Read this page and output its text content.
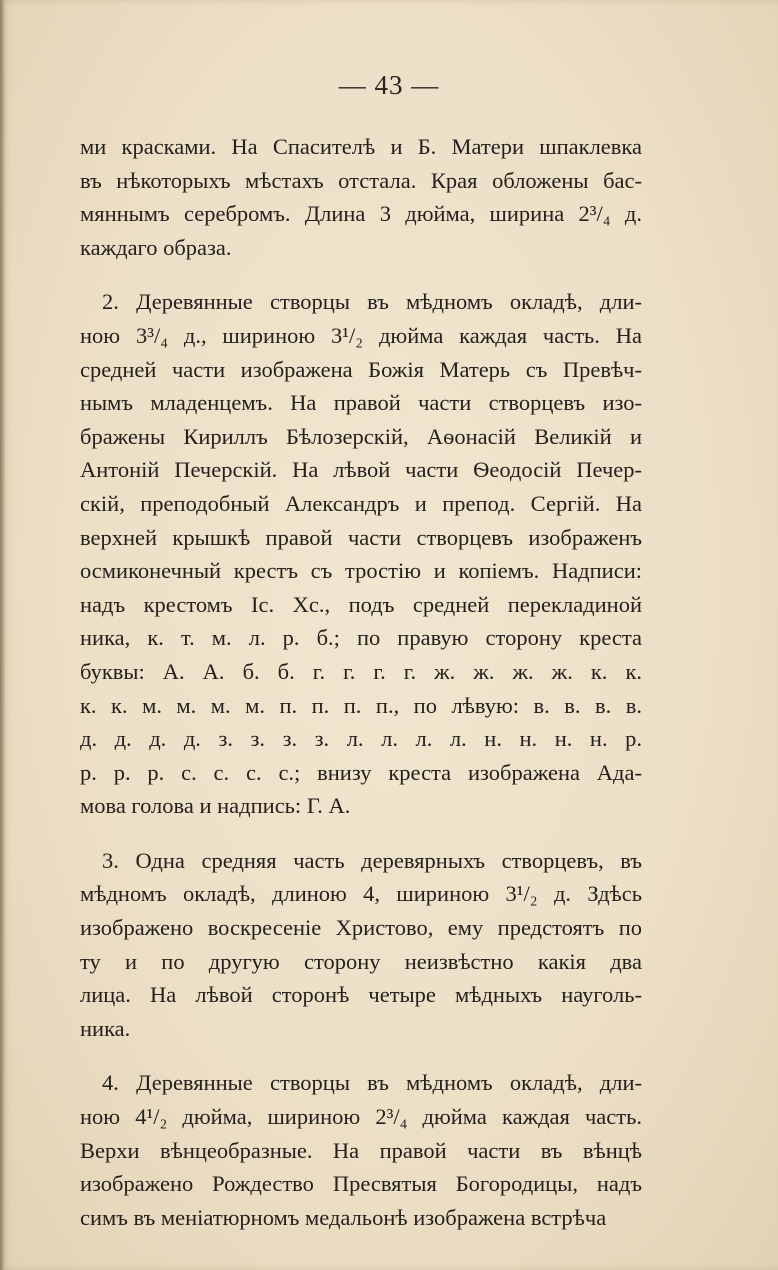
— 43 —
ми красками. На Спасителѣ и Б. Матери шпаклевка
въ нѣкоторыхъ мѣстахъ отстала. Края обложены бас-
мяннымъ серебромъ. Длина 3 дюйма, ширина 2³/₄ д.
каждаго образа.
2. Деревянные створцы въ мѣдномъ окладѣ, дли-
ною 3³/₄ д., шириною 3¹/₂ дюйма каждая часть. На
средней части изображена Божія Матерь съ Превѣч-
нымъ младенцемъ. На правой части створцевъ изо-
бражены Кириллъ Бѣлозерскій, Аѳонасій Великій и
Антоній Печерскій. На лѣвой части Ѳеодосій Печер-
скій, преподобный Александръ и препод. Сергій. На
верхней крышкѣ правой части створцевъ изображенъ
осмиконечный крестъ съ тростію и копіемъ. Надписи:
надъ крестомъ Іс. Хс., подъ средней перекладиной
ника, к. т. м. л. р. б.; по правую сторону креста
буквы: А. А. б. б. г. г. г. г. ж. ж. ж. ж. к. к.
к. к. м. м. м. м. п. п. п. п., по лѣвую: в. в. в. в.
д. д. д. д. з. з. з. з. л. л. л. л. н. н. н. н. р.
р. р. р. с. с. с. с.; внизу креста изображена Ада-
мова голова и надпись: Г. А.
3. Одна средняя часть деревярныхъ створцевъ, въ
мѣдномъ окладѣ, длиною 4, шириною 3¹/₂ д. Здѣсь
изображено воскресеніе Христово, ему предстоятъ по
ту и по другую сторону неизвѣстно какія два
лица. На лѣвой сторонѣ четыре мѣдныхъ науголь-
ника.
4. Деревянные створцы въ мѣдномъ окладѣ, дли-
ною 4¹/₂ дюйма, шириною 2³/₄ дюйма каждая часть.
Верхи вѣнцеобразные. На правой части въ вѣнцѣ
изображено Рождество Пресвятыя Богородицы, надъ
симъ въ меніатюрномъ медальонѣ изображена встрѣча
